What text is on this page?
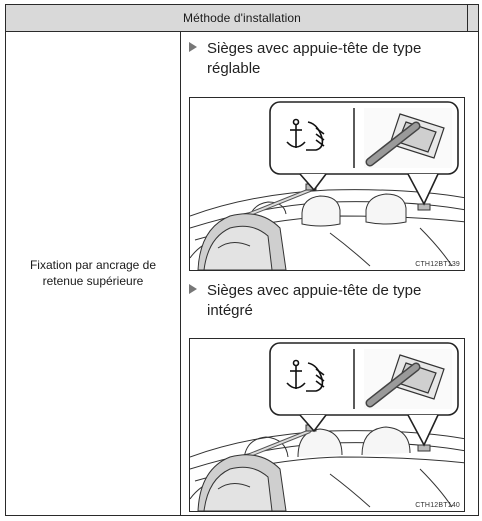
Méthode d'installation
Fixation par ancrage de retenue supérieure
Sièges avec appuie-tête de type
réglable
CTH12BT139
Sièges avec appuie-tête de type
intégré
CTH12BT140
